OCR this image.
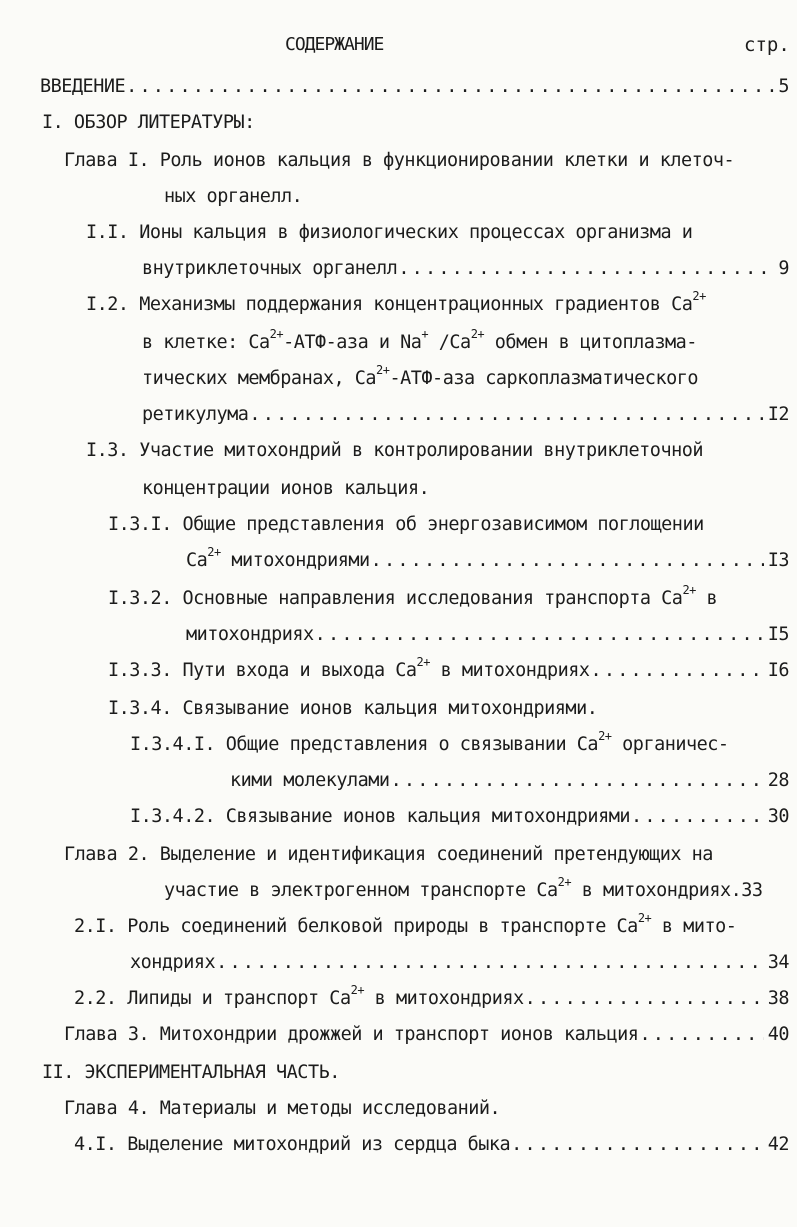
СОДЕРЖАНИЕ	стр.
ВВЕДЕНИЕ .....	5
I. ОБЗОР ЛИТЕРАТУРЫ:
Глава I. Роль ионов кальция в функционировании клетки и клеточ-
ных органелл.
I.I. Ионы кальция в физиологических процессах организма и
внутриклеточных органелл .....	9
I.2. Механизмы поддержания концентрационных градиентов $Ca^{2+}$
в клетке: $Ca^{2+}-АТФ$-аза и Na+ $/Ca^{2+}$ обмен в цитоплазма-
тических мембранах, $Ca^{2+}-АТФ$-аза саркоплазматического
ретикулума .....	I2
I.3. Участие митохондрий в контролировании внутриклеточной
концентрации ионов кальция.
I.3.I. Общие представления об энергозависимом поглощении
$Ca^{2+}$ митохондриями .....	I3
I.3.2. Основные направления исследования транспорта $Ca^{2+}$ в
митохондриях .....	I5
I.3.3. Пути входа и выхода $Ca^{2+}$ в митохондриях .....	I6
I.3.4. Связывание ионов кальция митохондриями.
I.3.4.I. Общие представления о связывании $Ca^{2+}$ органичес-
кими молекулами .....	28
I.3.4.2. Связывание ионов кальция митохондриями .....	30
Глава 2. Выделение и идентификация соединений претендующих на
участие в электрогенном транспорте $Ca^{2+}$ в митохондриях.33
2.I. Роль соединений белковой природы в транспорте $Ca^{2+}$ в мито-
хондриях .....	34
2.2. Липиды и транспорт $Ca^{2+}$ в митохондриях .....	38
Глава 3. Митохондрии дрожжей и транспорт ионов кальция .....	40
II. ЭКСПЕРИМЕНТАЛЬНАЯ ЧАСТЬ.
Глава 4. Материалы и методы исследований.
4.I. Выделение митохондрий из сердца быка .....	42
